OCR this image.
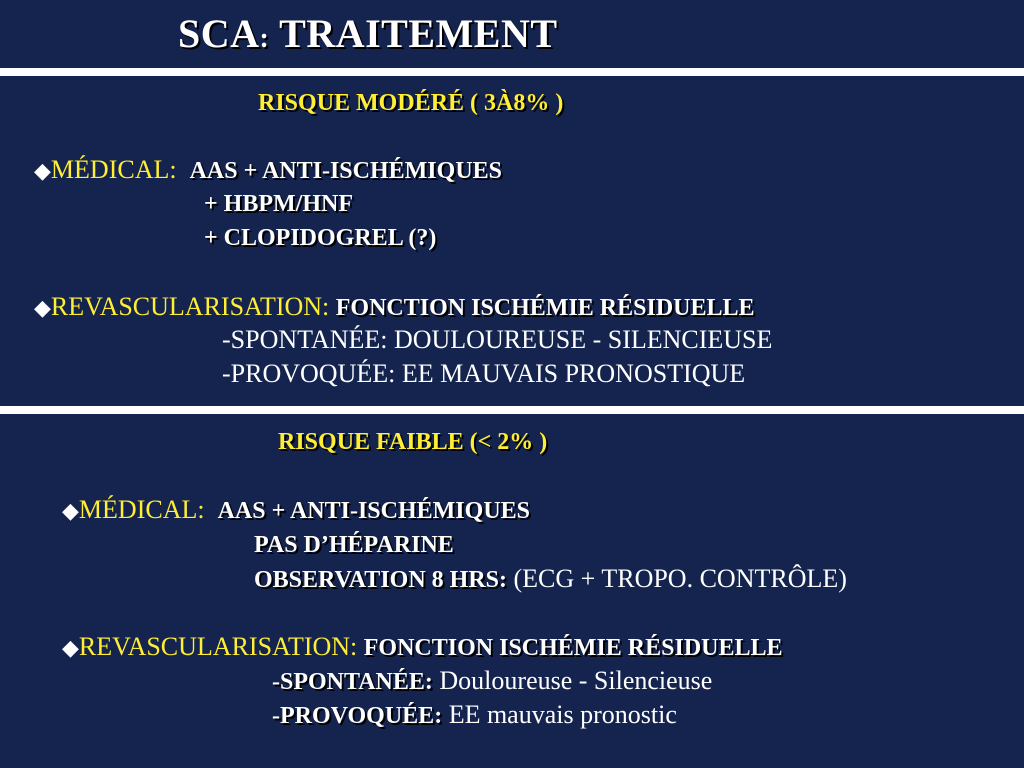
SCA: TRAITEMENT
RISQUE MODÉRÉ ( 3À8% )
◆MÉDICAL: AAS + ANTI-ISCHÉMIQUES
+ HBPM/HNF
+ CLOPIDOGREL (?)
◆REVASCULARISATION: FONCTION ISCHÉMIE RÉSIDUELLE
-SPONTANÉE: DOULOUREUSE - SILENCIEUSE
-PROVOQUÉE: EE MAUVAIS PRONOSTIQUE
RISQUE FAIBLE (< 2% )
◆MÉDICAL: AAS + ANTI-ISCHÉMIQUES
PAS D’HÉPARINE
OBSERVATION 8 HRS: (ECG + TROPO. CONTRÔLE)
◆REVASCULARISATION: FONCTION ISCHÉMIE RÉSIDUELLE
-SPONTANÉE: Douloureuse - Silencieuse
-PROVOQUÉE: EE mauvais pronostic
